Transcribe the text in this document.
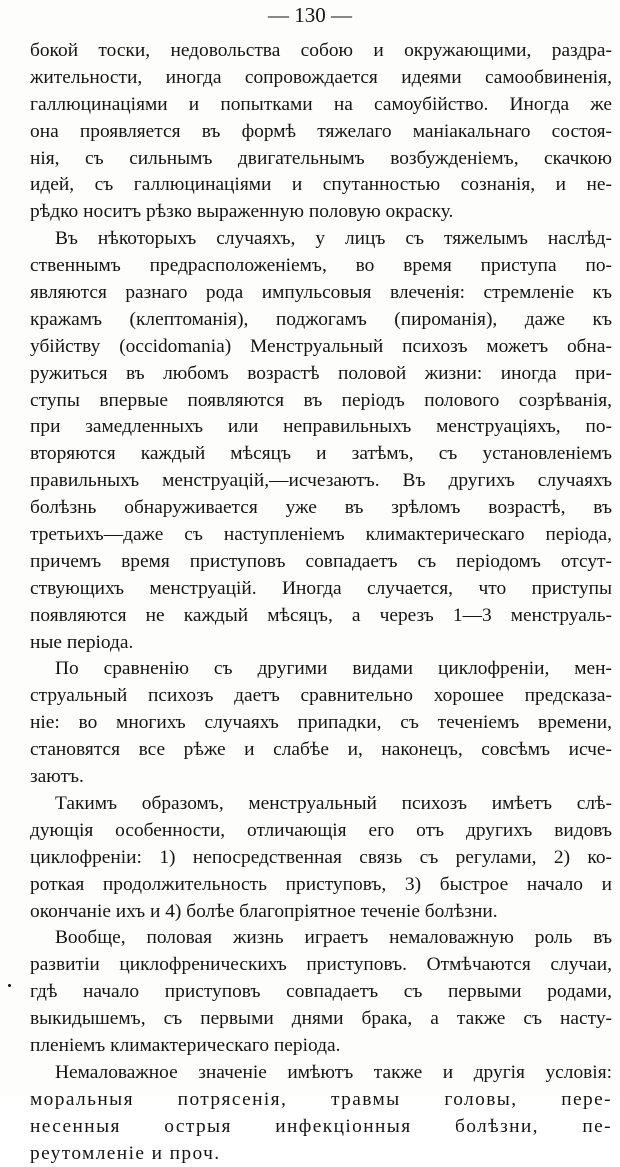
— 130 —
бокой тоски, недовольства собою и окружающими, раздра-
жительности, иногда сопровождается идеями самообвиненія,
галлюцинаціями и попытками на самоубійство. Иногда же
она проявляется въ формѣ тяжелаго маніакальнаго состоя-
нія, съ сильнымъ двигательнымъ возбужденіемъ, скачкою
идей, съ галлюцинаціями и спутанностью сознанія, и не-
рѣдко носитъ рѣзко выраженную половую окраску.
Въ нѣкоторыхъ случаяхъ, у лицъ съ тяжелымъ наслѣд-
ственнымъ предрасположеніемъ, во время приступа по-
являются разнаго рода импульсовыя влеченія: стремленіе къ
кражамъ (клептоманія), поджогамъ (пироманія), даже къ
убійству (occidomania) Менструальный психозъ можетъ обна-
ружиться въ любомъ возрастѣ половой жизни: иногда при-
ступы впервые появляются въ періодъ полового созрѣванія,
при замедленныхъ или неправильныхъ менструаціяхъ, по-
вторяются каждый мѣсяцъ и затѣмъ, съ установленіемъ
правильныхъ менструацій,—исчезаютъ. Въ другихъ случаяхъ
болѣзнь обнаруживается уже въ зрѣломъ возрастѣ, въ
третьихъ—даже съ наступленіемъ климактерическаго періода,
причемъ время приступовъ совпадаетъ съ періодомъ отсут-
ствующихъ менструацій. Иногда случается, что приступы
появляются не каждый мѣсяцъ, а черезъ 1—3 менструаль-
ные періода.
По сравненію съ другими видами циклофреніи, мен-
струальный психозъ даетъ сравнительно хорошее предсказа-
ніе: во многихъ случаяхъ припадки, съ теченіемъ времени,
становятся все рѣже и слабѣе и, наконецъ, совсѣмъ исче-
заютъ.
Такимъ образомъ, менструальный психозъ имѣетъ слѣ-
дующія особенности, отличающія его отъ другихъ видовъ
циклофреніи: 1) непосредственная связь съ регулами, 2) ко-
роткая продолжительность приступовъ, 3) быстрое начало и
окончаніе ихъ и 4) болѣе благопріятное теченіе болѣзни.
Вообще, половая жизнь играетъ немаловажную роль въ
развитіи циклофреническихъ приступовъ. Отмѣчаются случаи,
гдѣ начало приступовъ совпадаетъ съ первыми родами,
выкидышемъ, съ первыми днями брака, а также съ насту-
пленіемъ климактерическаго періода.
Немаловажное значеніе имѣютъ также и другія условія:
моральныя потрясенія, травмы головы, пере-
несенныя острыя инфекціонныя болѣзни, пе-
реутомленіе и проч.
